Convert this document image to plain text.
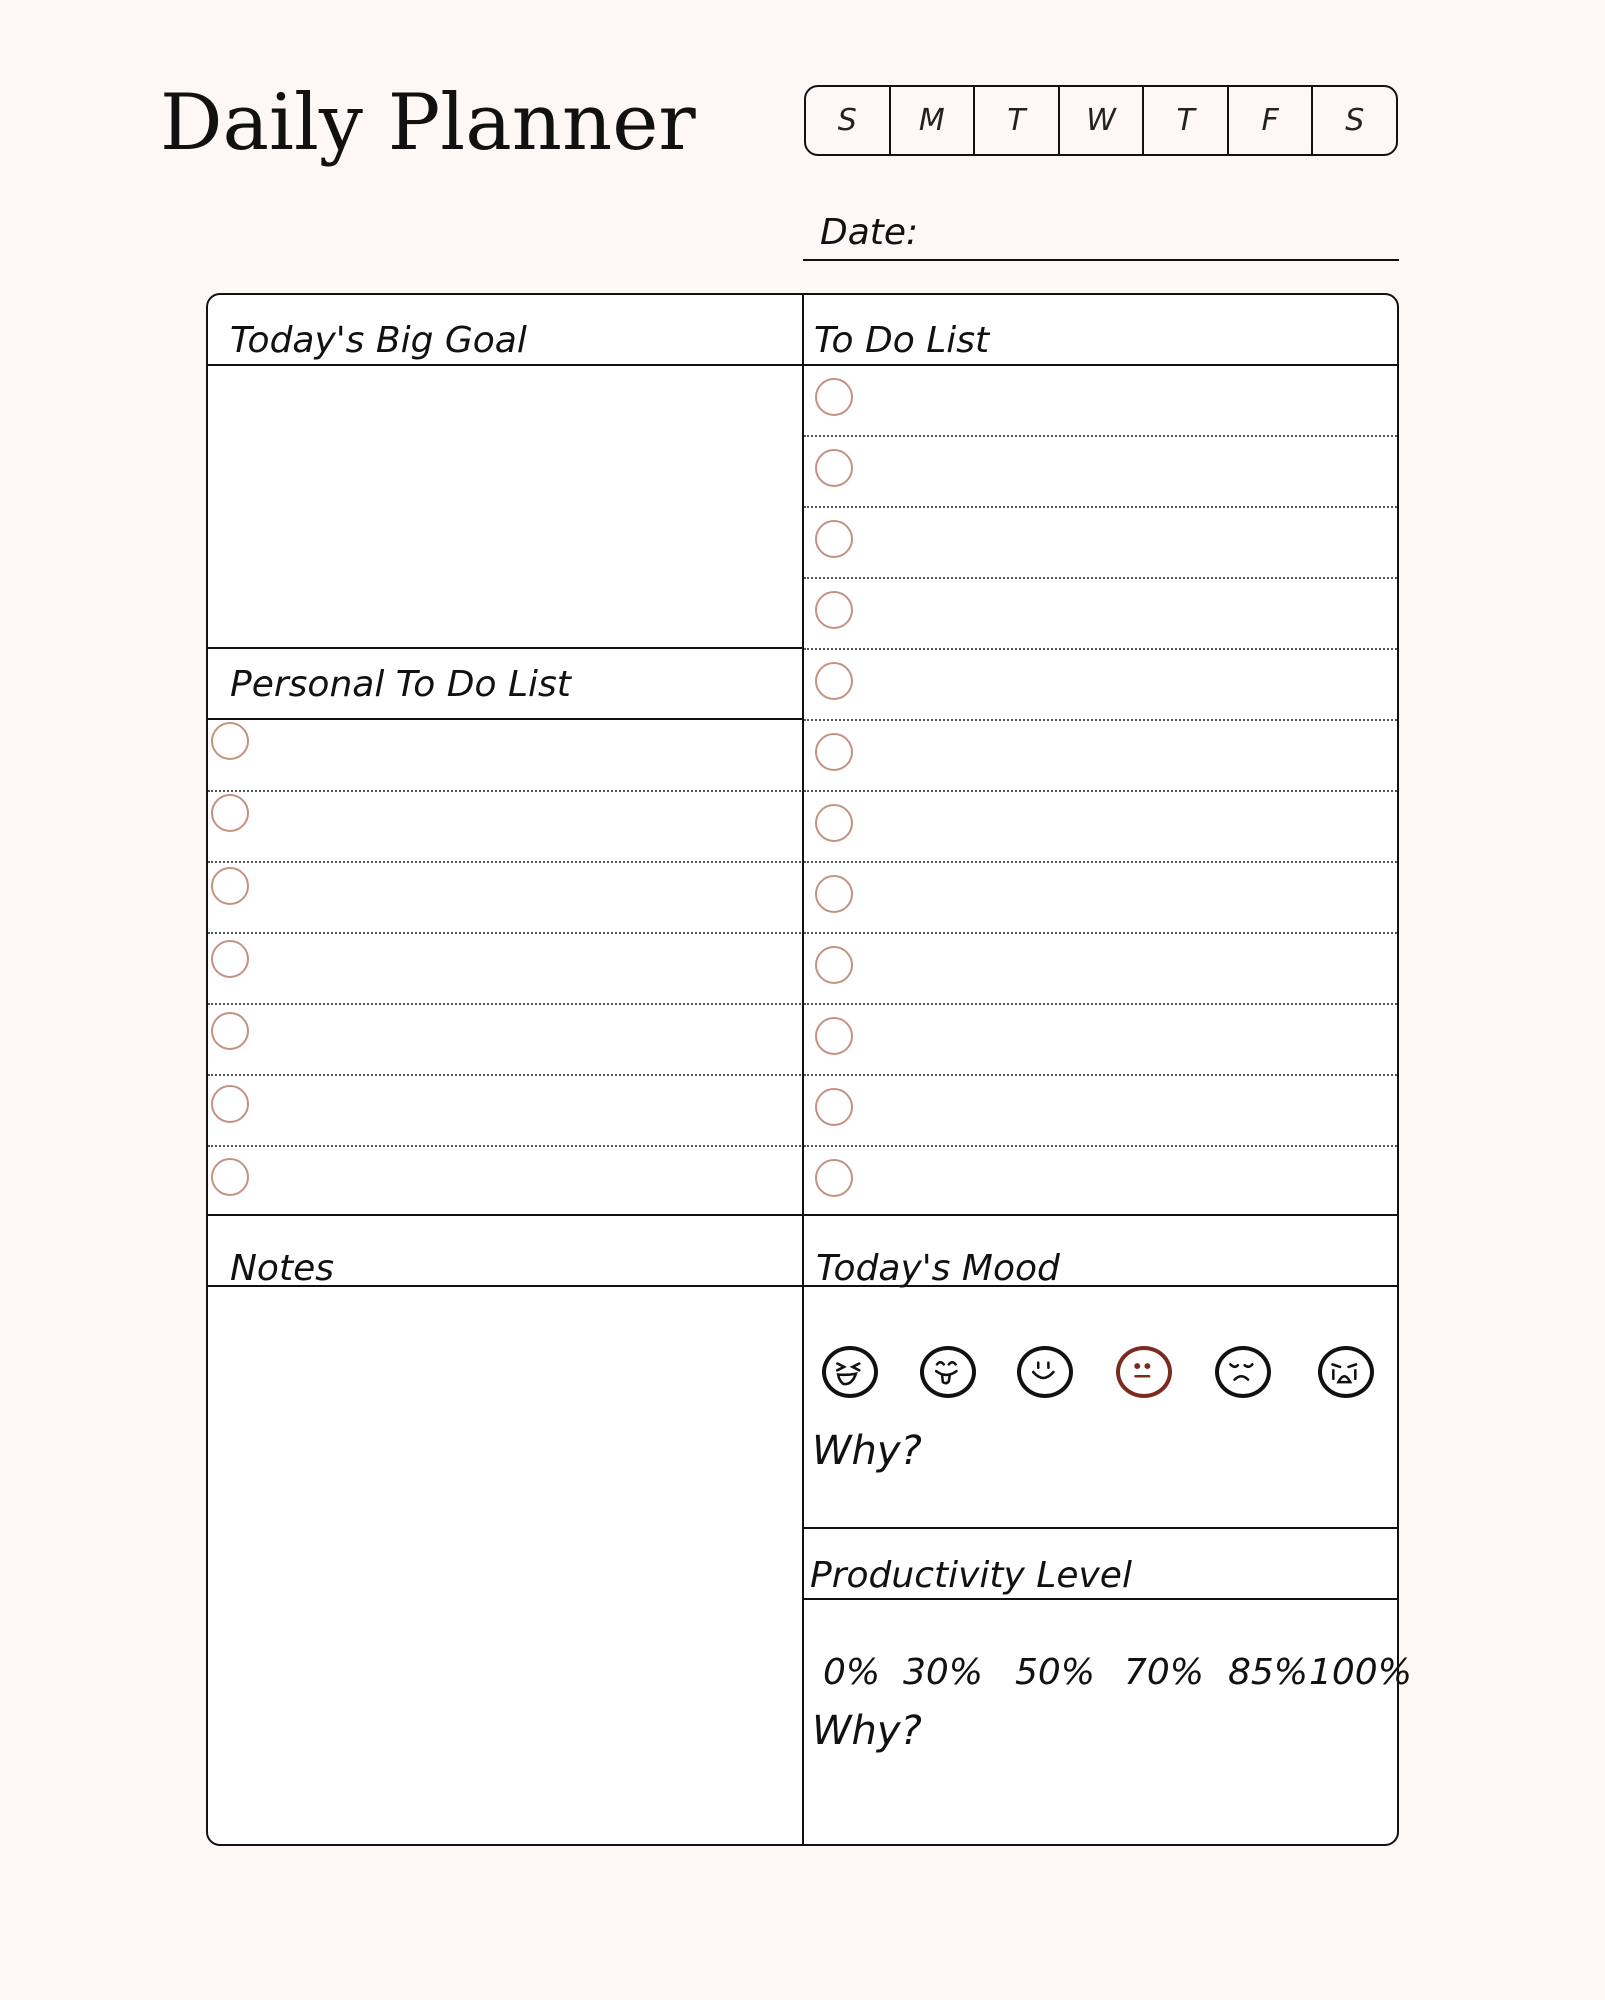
Daily Planner	S	M	T	W	T	F	S
Date:
Today's Big Goal	To Do List
Personal To Do List
Notes	Today's Mood
Productivity Level
Why?
0% 30% 50% 70% 85% 100%
Why?
